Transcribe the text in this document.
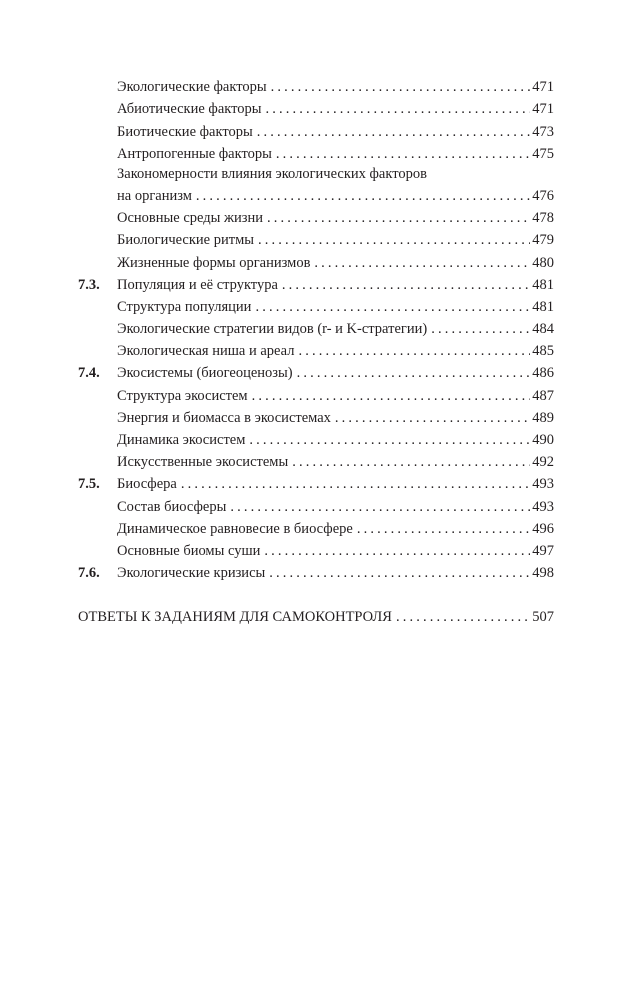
Экологические факторы . . .	471
Абиотические факторы . . .	471
Биотические факторы . . .	473
Антропогенные факторы . . .	475
Закономерности влияния экологических факторов
на организм . . .	476
Основные среды жизни . . .	478
Биологические ритмы . . .	479
Жизненные формы организмов . . .	480
7.3. Популяция и её структура . . .	481
Структура популяции . . .	481
Экологические стратегии видов (r- и K-стратегии) . . .	484
Экологическая ниша и ареал . . .	485
7.4. Экосистемы (биогеоценозы) . . .	486
Структура экосистем . . .	487
Энергия и биомасса в экосистемах . . .	489
Динамика экосистем . . .	490
Искусственные экосистемы . . .	492
7.5. Биосфера . . .	493
Состав биосферы . . .	493
Динамическое равновесие в биосфере . . .	496
Основные биомы суши . . .	497
7.6. Экологические кризисы . . .	498
ОТВЕТЫ К ЗАДАНИЯМ ДЛЯ САМОКОНТРОЛЯ . . .	507
